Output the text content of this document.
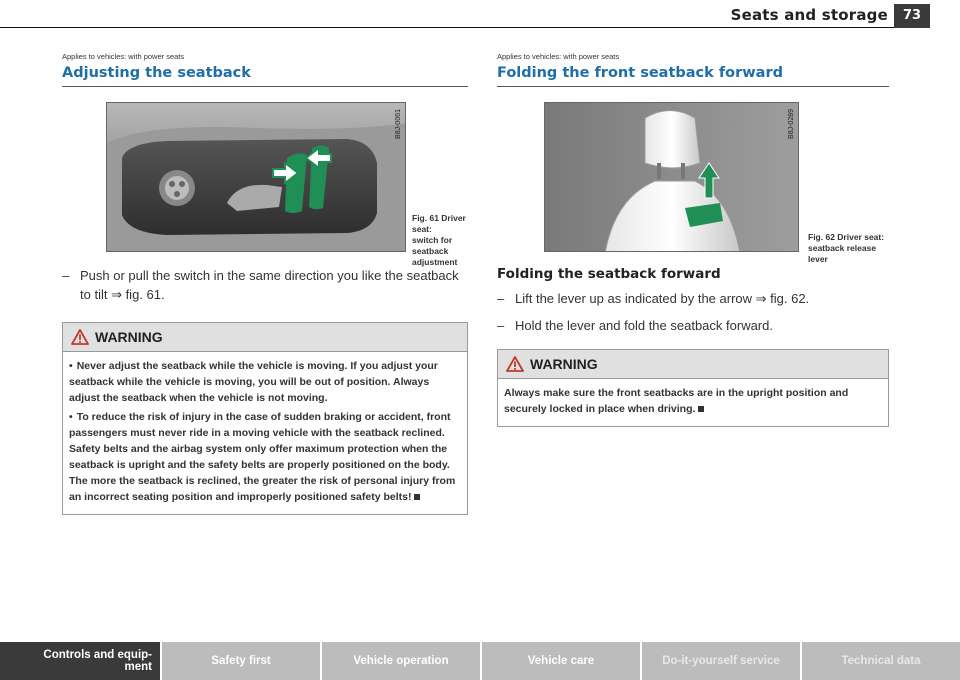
Seats and storage	73
Applies to vehicles: with power seats
Adjusting the seatback
B8J-0061
Fig. 61 Driver seat:
switch for seatback
adjustment
– Push or pull the switch in the same direction you like the seatback to tilt ⇒ fig. 61.
WARNING

• Never adjust the seatback while the vehicle is moving. If you adjust your seatback while the vehicle is moving, you will be out of position. Always adjust the seatback when the vehicle is not moving.

• To reduce the risk of injury in the case of sudden braking or accident, front passengers must never ride in a moving vehicle with the seatback reclined. Safety belts and the airbag system only offer maximum protection when the seatback is upright and the safety belts are properly positioned on the body. The more the seatback is reclined, the greater the risk of personal injury from an incorrect seating position and improperly positioned safety belts!

Applies to vehicles: with power seats
Folding the front seatback forward
B8J-0289
Fig. 62 Driver seat:
seatback release lever
Folding the seatback forward
– Lift the lever up as indicated by the arrow ⇒ fig. 62.
– Hold the lever and fold the seatback forward.
WARNING

Always make sure the front seatbacks are in the upright position and securely locked in place when driving.

Controls and equip-
ment	Safety first	Vehicle operation	Vehicle care	Do-it-yourself service	Technical data
